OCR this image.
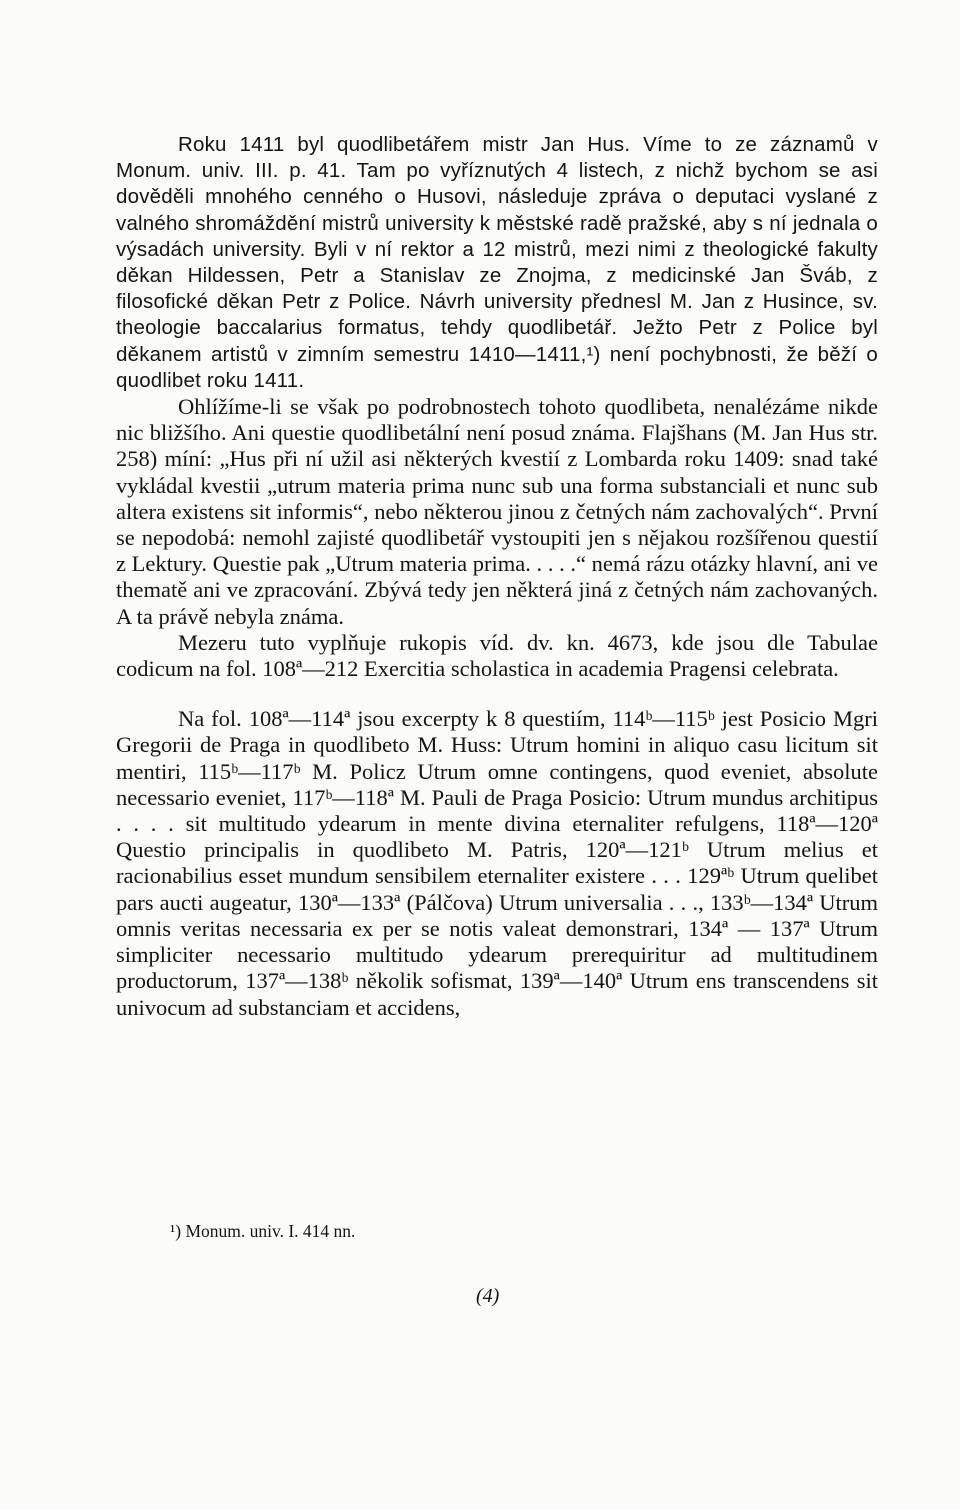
Roku 1411 byl quodlibetářem mistr Jan Hus. Víme to ze záznamů v Monum. univ. III. p. 41. Tam po vyříznutých 4 listech, z nichž bychom se asi dověděli mnohého cenného o Husovi, následuje zpráva o deputaci vyslané z valného shromáždění mistrů university k městské radě pražské, aby s ní jednala o výsadách university. Byli v ní rektor a 12 mistrů, mezi nimi z theologické fakulty děkan Hildessen, Petr a Stanislav ze Znojma, z medicinské Jan Šváb, z filosofické děkan Petr z Police. Návrh university přednesl M. Jan z Husince, sv. theologie baccalarius formatus, tehdy quodlibetář. Ježto Petr z Police byl děkanem artistů v zimním semestru 1410—1411,¹) není pochybnosti, že běží o quodlibet roku 1411.

Ohlížíme-li se však po podrobnostech tohoto quodlibeta, nenalézáme nikde nic bližšího. Ani questie quodlibetální není posud známa. Flajšhans (M. Jan Hus str. 258) míní: „Hus při ní užil asi některých kvestií z Lombarda roku 1409: snad také vykládal kvestii „utrum materia prima nunc sub una forma substanciali et nunc sub altera existens sit informis“, nebo některou jinou z četných nám zachovalých“. První se nepodobá: nemohl zajisté quodlibetář vystoupiti jen s nějakou rozšířenou questií z Lektury. Questie pak „Utrum materia prima. . . . .“ nemá rázu otázky hlavní, ani ve thematě ani ve zpracování. Zbývá tedy jen některá jiná z četných nám zachovaných. A ta právě nebyla známa.

Mezeru tuto vyplňuje rukopis víd. dv. kn. 4673, kde jsou dle Tabulae codicum na fol. 108ª—212 Exercitia scholastica in academia Pragensi celebrata.

Na fol. 108ª—114ª jsou excerpty k 8 questiím, 114ᵇ—115ᵇ jest Posicio Mgri Gregorii de Praga in quodlibeto M. Huss: Utrum homini in aliquo casu licitum sit mentiri, 115ᵇ—117ᵇ M. Policz Utrum omne contingens, quod eveniet, absolute necessario eveniet, 117ᵇ—118ª M. Pauli de Praga Posicio: Utrum mundus architipus . . . . sit multitudo ydearum in mente divina eternaliter refulgens, 118ª—120ª Questio principalis in quodlibeto M. Patris, 120ª—121ᵇ Utrum melius et racionabilius esset mundum sensibilem eternaliter existere . . . 129ªᵇ Utrum quelibet pars aucti augeatur, 130ª—133ª (Pálčova) Utrum universalia . . ., 133ᵇ—134ª Utrum omnis veritas necessaria ex per se notis valeat demonstrari, 134ª — 137ª Utrum simpliciter necessario multitudo ydearum prerequiritur ad multitudinem productorum, 137ª—138ᵇ několik sofismat, 139ª—140ª Utrum ens transcendens sit univocum ad substanciam et accidens,

¹) Monum. univ. I. 414 nn.
(4)
